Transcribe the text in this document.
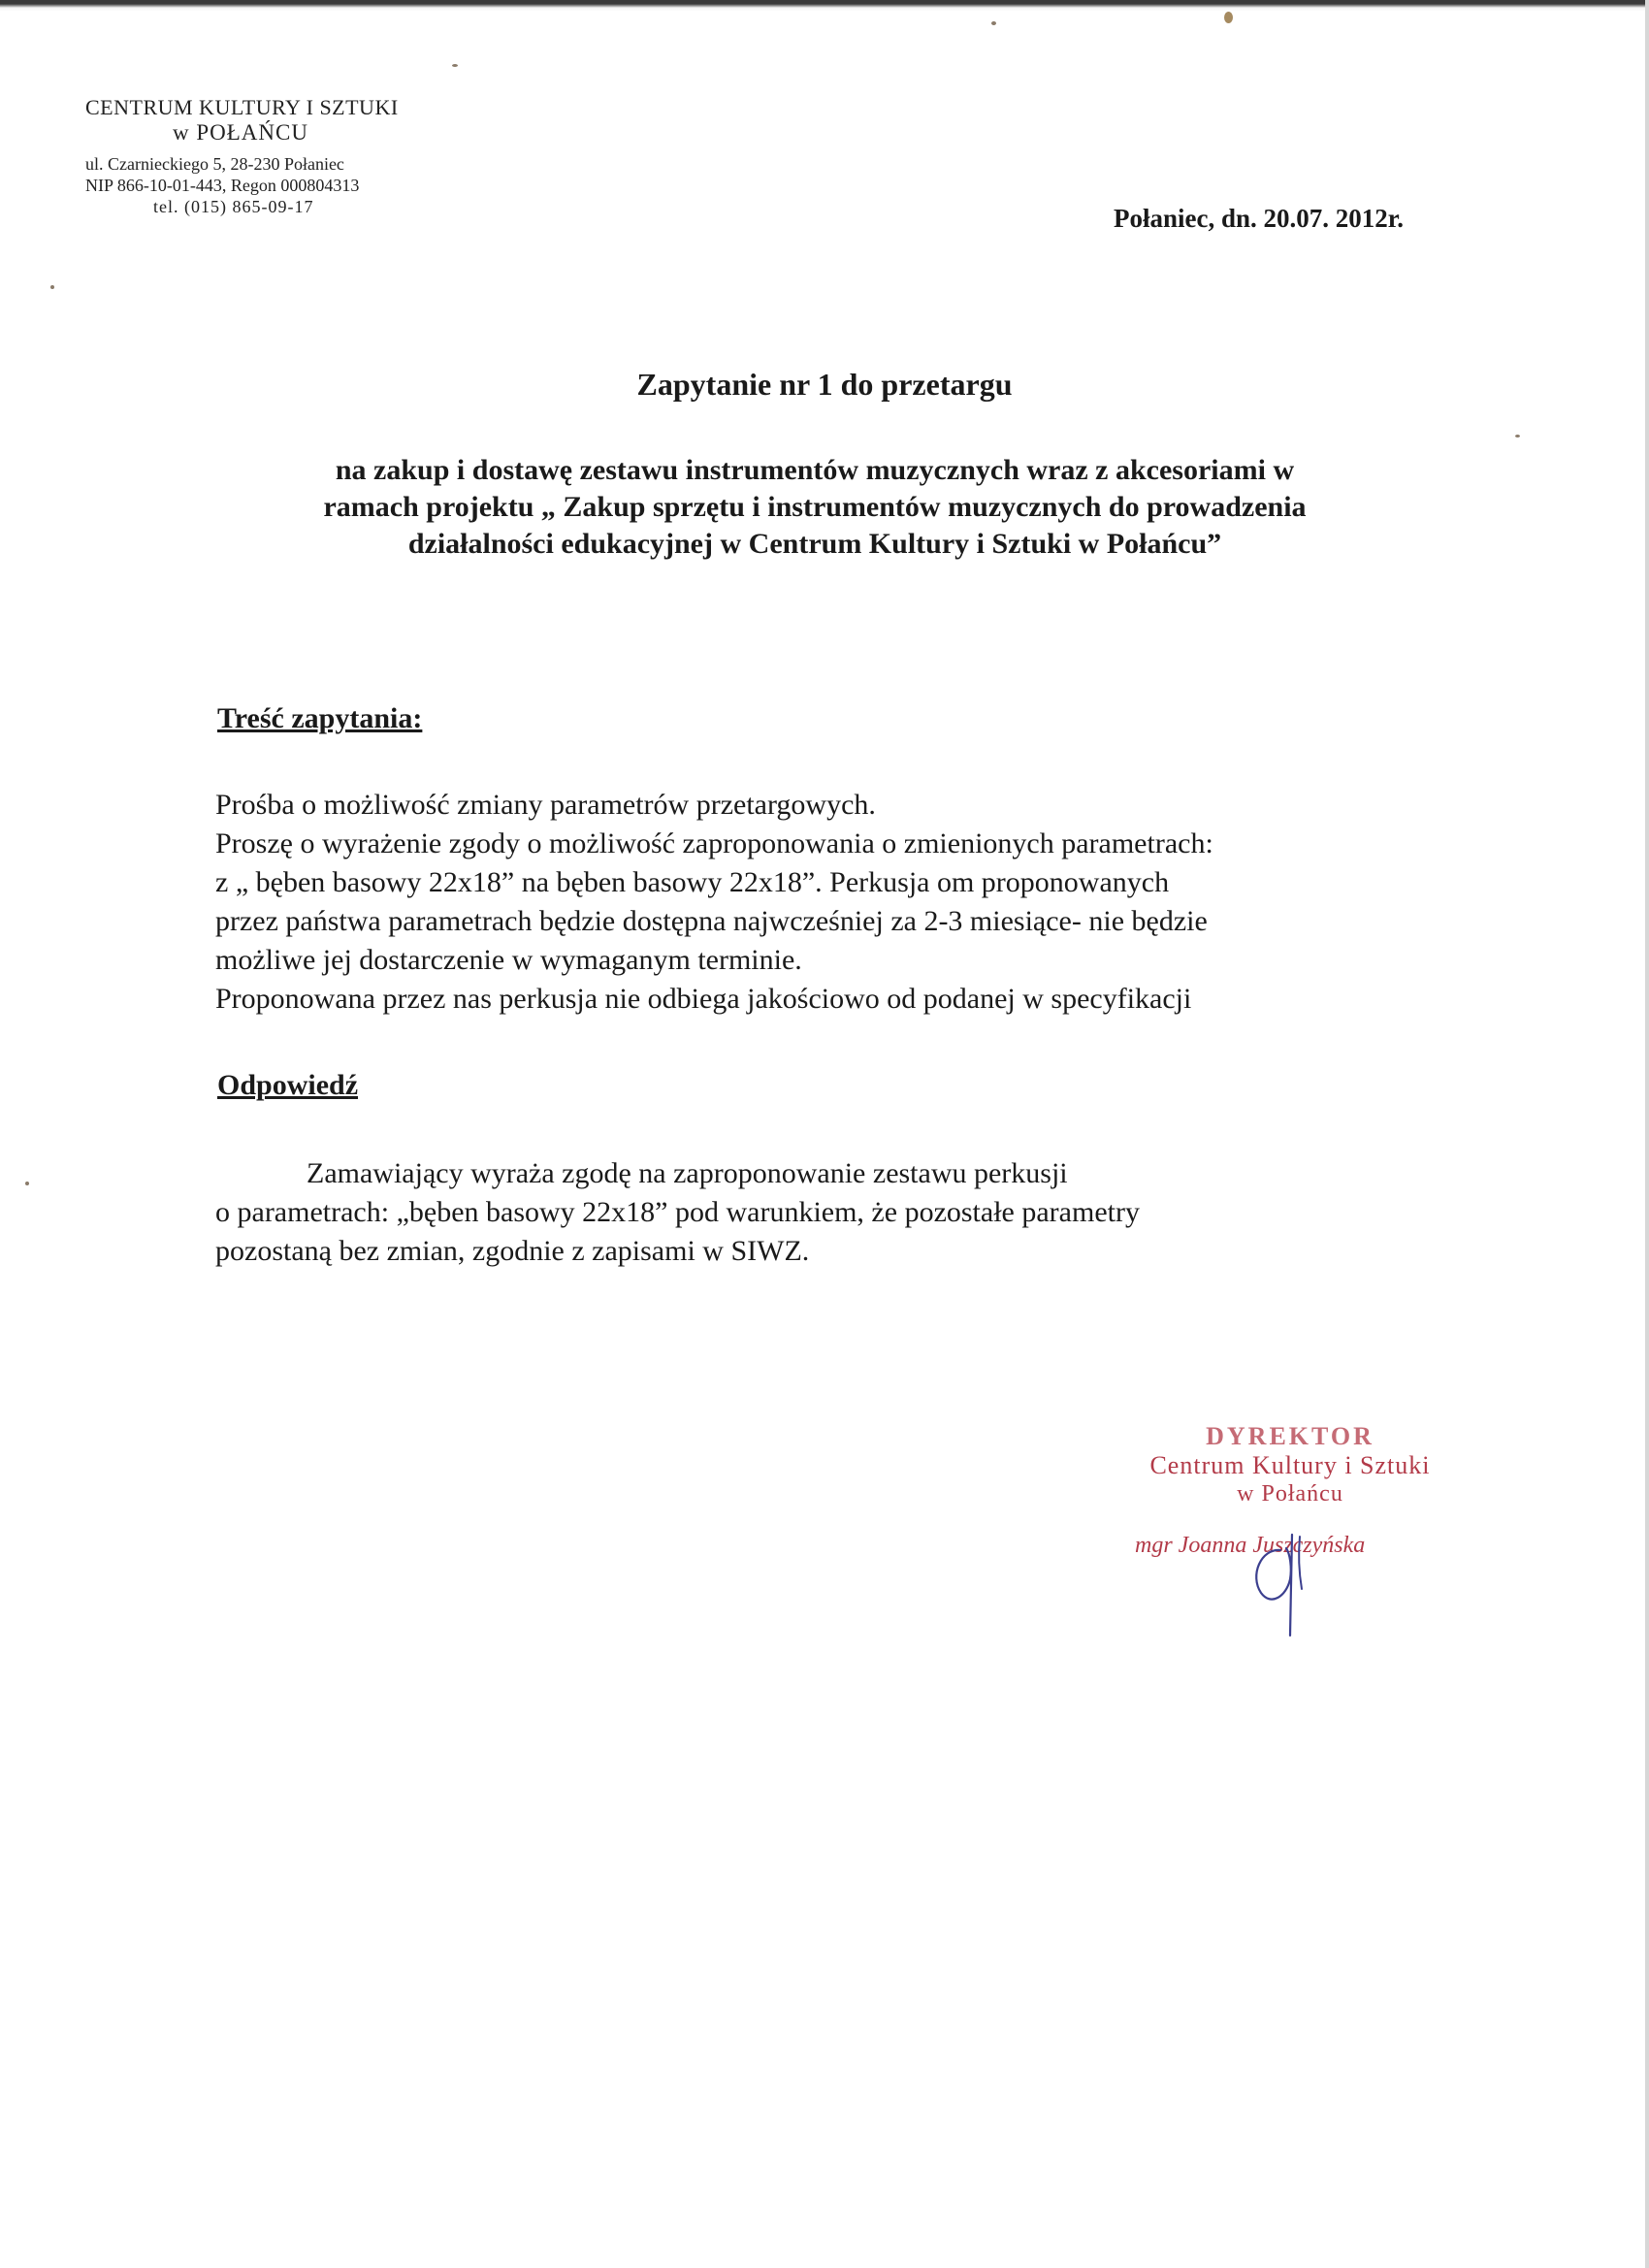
CENTRUM KULTURY I SZTUKI
w POŁAŃCU
ul. Czarnieckiego 5, 28-230 Połaniec
NIP 866-10-01-443, Regon 000804313
tel. (015) 865-09-17	Połaniec, dn. 20.07. 2012r.
Zapytanie nr 1 do przetargu
na zakup i dostawę zestawu instrumentów muzycznych wraz z akcesoriami w
ramach projektu „ Zakup sprzętu i instrumentów muzycznych do prowadzenia
działalności edukacyjnej w Centrum Kultury i Sztuki w Połańcu”
Treść zapytania:
Prośba o możliwość zmiany parametrów przetargowych.
Proszę o wyrażenie zgody o możliwość zaproponowania o zmienionych parametrach:
z „ bęben basowy 22x18” na bęben basowy 22x18”. Perkusja om proponowanych
przez państwa parametrach będzie dostępna najwcześniej za 2-3 miesiące- nie będzie
możliwe jej dostarczenie w wymaganym terminie.
Proponowana przez nas perkusja nie odbiega jakościowo od podanej w specyfikacji
Odpowiedź
Zamawiający wyraża zgodę na zaproponowanie zestawu perkusji
o parametrach: „bęben basowy 22x18” pod warunkiem, że pozostałe parametry
pozostaną bez zmian, zgodnie z zapisami w SIWZ.
DYREKTOR
Centrum Kultury i Sztuki
w Połańcu
mgr Joanna Juszczyńska
